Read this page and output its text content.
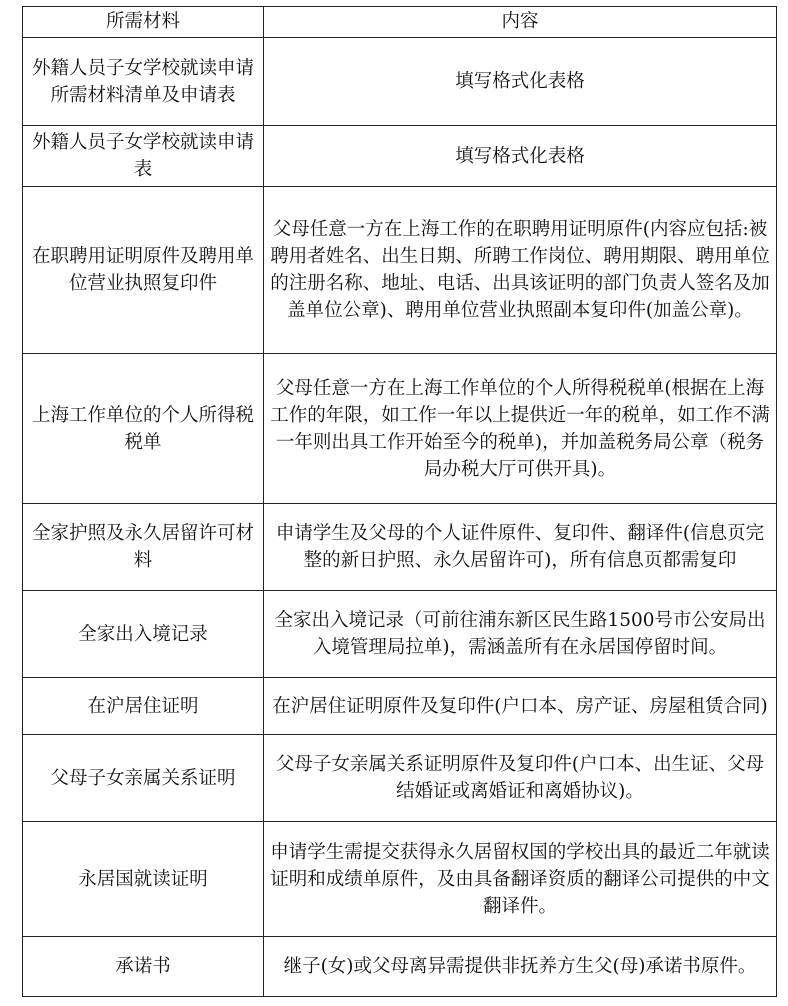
所需材料	内容
外籍人员子女学校就读申请所需材料清单及申请表	填写格式化表格
外籍人员子女学校就读申请表	填写格式化表格
在职聘用证明原件及聘用单位营业执照复印件	父母任意一方在上海工作的在职聘用证明原件(内容应包括:被聘用者姓名、出生日期、所聘工作岗位、聘用期限、聘用单位的注册名称、地址、电话、出具该证明的部门负责人签名及加盖单位公章)、聘用单位营业执照副本复印件(加盖公章)。
上海工作单位的个人所得税税单	父母任意一方在上海工作单位的个人所得税税单(根据在上海工作的年限，如工作一年以上提供近一年的税单，如工作不满一年则出具工作开始至今的税单)，并加盖税务局公章（税务局办税大厅可供开具)。
全家护照及永久居留许可材料	申请学生及父母的个人证件原件、复印件、翻译件(信息页完整的新日护照、永久居留许可)，所有信息页都需复印
全家出入境记录	全家出入境记录（可前往浦东新区民生路1500号市公安局出入境管理局拉单)，需涵盖所有在永居国停留时间。
在沪居住证明	在沪居住证明原件及复印件(户口本、房产证、房屋租赁合同)
父母子女亲属关系证明	父母子女亲属关系证明原件及复印件(户口本、出生证、父母结婚证或离婚证和离婚协议)。
永居国就读证明	申请学生需提交获得永久居留权国的学校出具的最近二年就读证明和成绩单原件，及由具备翻译资质的翻译公司提供的中文翻译件。
承诺书	继子(女)或父母离异需提供非抚养方生父(母)承诺书原件。
